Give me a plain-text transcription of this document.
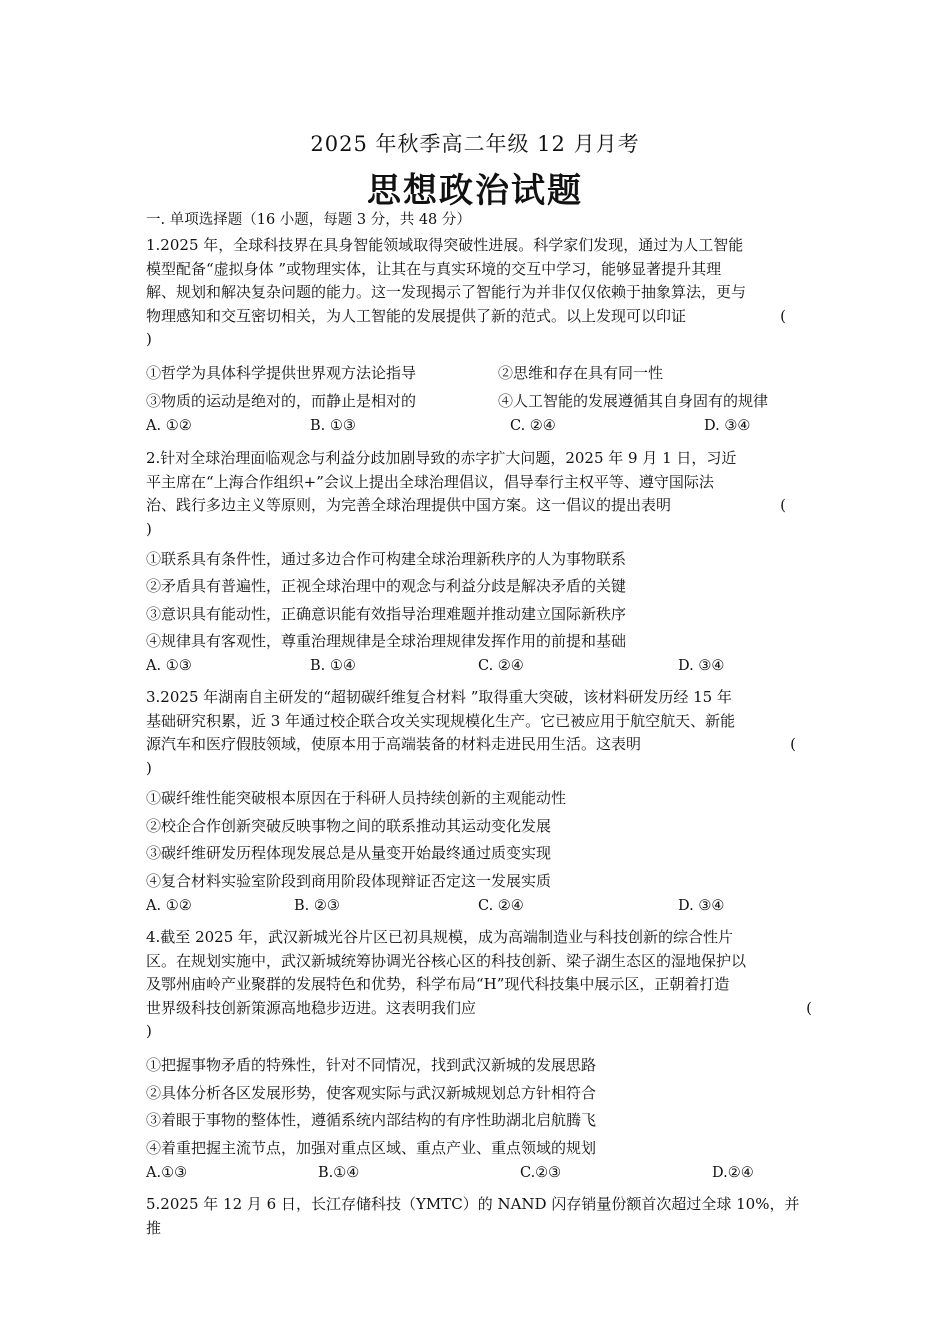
2025 年秋季高二年级 12 月月考
思想政治试题
一. 单项选择题（16 小题，每题 3 分，共 48 分）
1.2025 年，全球科技界在具身智能领域取得突破性进展。科学家们发现，通过为人工智能
模型配备“虚拟身体 ”或物理实体，让其在与真实环境的交互中学习，能够显著提升其理
解、规划和解决复杂问题的能力。这一发现揭示了智能行为并非仅仅依赖于抽象算法，更与
物理感知和交互密切相关，为人工智能的发展提供了新的范式。以上发现可以印证	(
)
①哲学为具体科学提供世界观方法论指导	②思维和存在具有同一性
③物质的运动是绝对的，而静止是相对的	④人工智能的发展遵循其自身固有的规律
A. ①②	B. ①③	C. ②④	D. ③④
2.针对全球治理面临观念与利益分歧加剧导致的赤字扩大问题，2025 年 9 月 1 日，习近
平主席在“上海合作组织+”会议上提出全球治理倡议，倡导奉行主权平等、遵守国际法
治、践行多边主义等原则，为完善全球治理提供中国方案。这一倡议的提出表明	(
)
①联系具有条件性，通过多边合作可构建全球治理新秩序的人为事物联系
②矛盾具有普遍性，正视全球治理中的观念与利益分歧是解决矛盾的关键
③意识具有能动性，正确意识能有效指导治理难题并推动建立国际新秩序
④规律具有客观性，尊重治理规律是全球治理规律发挥作用的前提和基础
A. ①③	B. ①④	C. ②④	D. ③④
3.2025 年湖南自主研发的“超韧碳纤维复合材料 ”取得重大突破，该材料研发历经 15 年
基础研究积累，近 3 年通过校企联合攻关实现规模化生产。它已被应用于航空航天、新能
源汽车和医疗假肢领域，使原本用于高端装备的材料走进民用生活。这表明	(
)
①碳纤维性能突破根本原因在于科研人员持续创新的主观能动性
②校企合作创新突破反映事物之间的联系推动其运动变化发展
③碳纤维研发历程体现发展总是从量变开始最终通过质变实现
④复合材料实验室阶段到商用阶段体现辩证否定这一发展实质
A. ①②	B. ②③	C. ②④	D. ③④
4.截至 2025 年，武汉新城光谷片区已初具规模，成为高端制造业与科技创新的综合性片
区。在规划实施中，武汉新城统筹协调光谷核心区的科技创新、梁子湖生态区的湿地保护以
及鄂州庙岭产业聚群的发展特色和优势，科学布局“H”现代科技集中展示区，正朝着打造
世界级科技创新策源高地稳步迈进。这表明我们应	(
)
①把握事物矛盾的特殊性，针对不同情况，找到武汉新城的发展思路
②具体分析各区发展形势，使客观实际与武汉新城规划总方针相符合
③着眼于事物的整体性，遵循系统内部结构的有序性助湖北启航腾飞
④着重把握主流节点，加强对重点区域、重点产业、重点领域的规划
A.①③	B.①④	C.②③	D.②④
5.2025 年 12 月 6 日，长江存储科技（YMTC）的 NAND 闪存销量份额首次超过全球 10%，并
推
